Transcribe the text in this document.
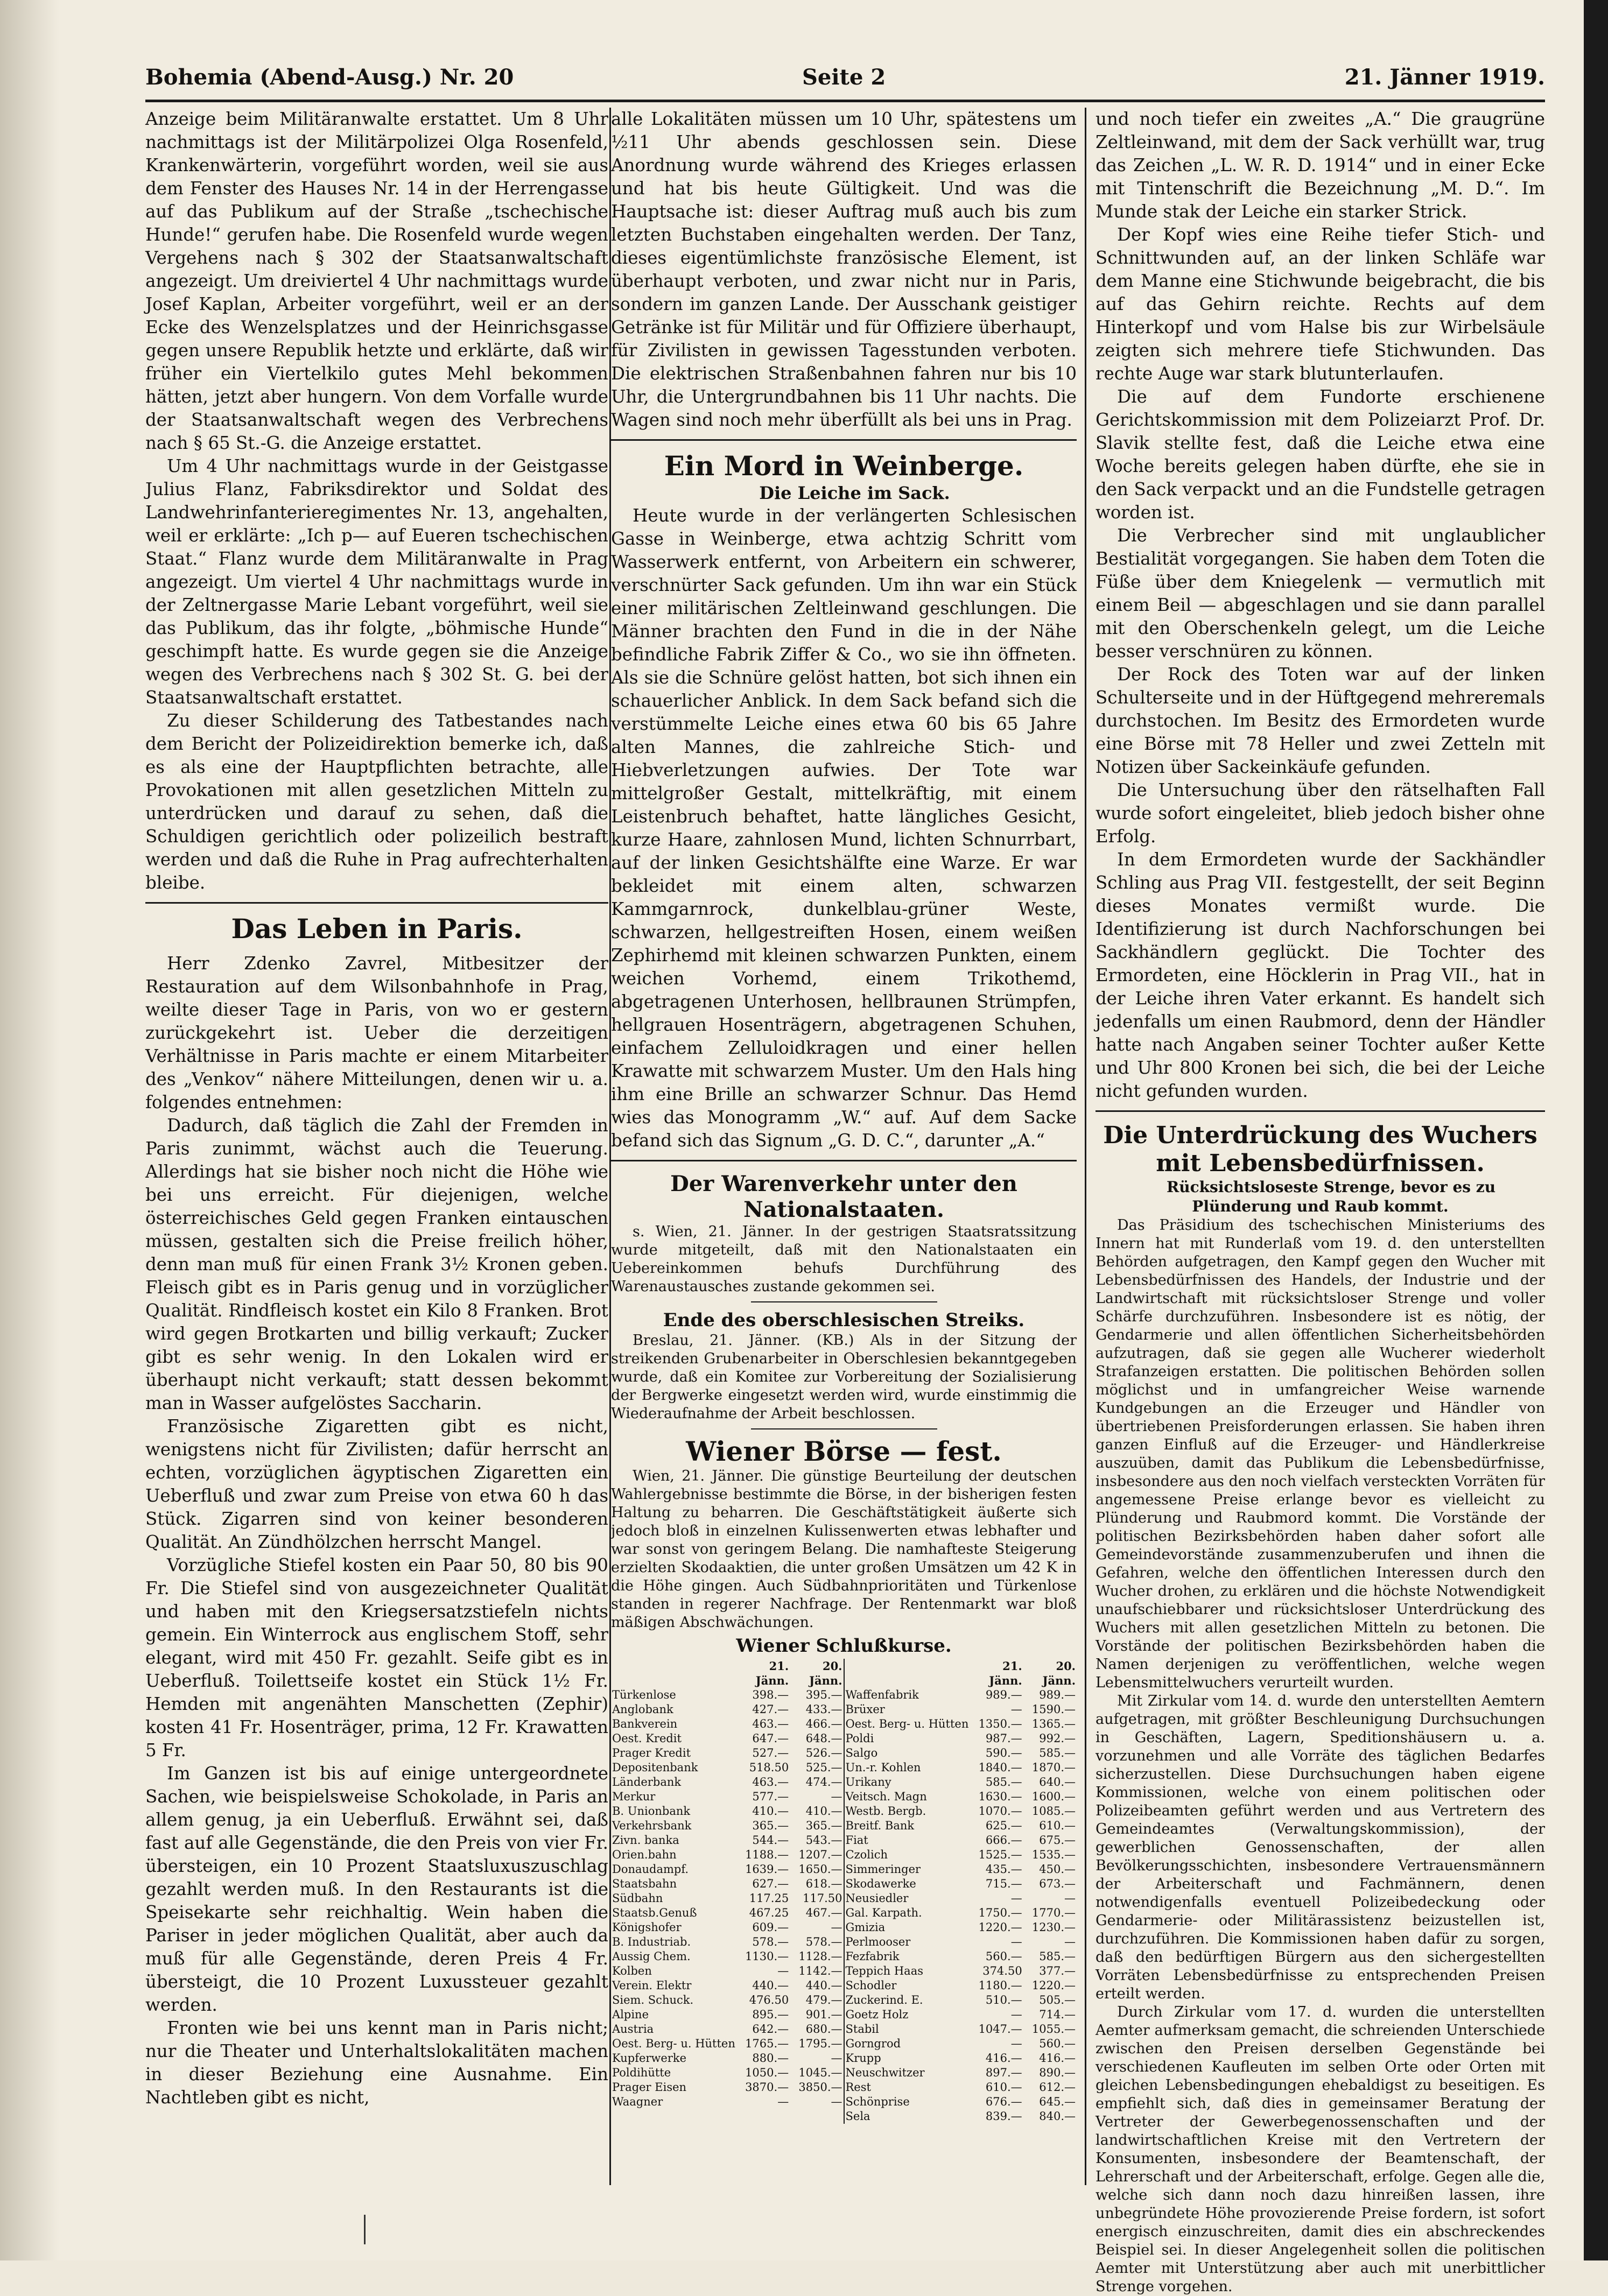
Bohemia (Abend-Ausg.) Nr. 20	Seite 2	21. Jänner 1919.

Anzeige beim Militäranwalte erstattet. Um 8 Uhr nachmittags ist der Militärpolizei Olga Rosenfeld, Krankenwärterin, vorgeführt worden, weil sie aus dem Fenster des Hauses Nr. 14 in der Herrengasse auf das Publikum auf der Straße „tschechische Hunde!“ gerufen habe. Die Rosenfeld wurde wegen Vergehens nach § 302 der Staatsanwaltschaft angezeigt. Um dreiviertel 4 Uhr nachmittags wurde Josef Kaplan, Arbeiter vorgeführt, weil er an der Ecke des Wenzelsplatzes und der Heinrichsgasse gegen unsere Republik hetzte und erklärte, daß wir früher ein Viertelkilo gutes Mehl bekommen hätten, jetzt aber hungern. Von dem Vorfalle wurde der Staatsanwaltschaft wegen des Verbrechens nach § 65 St.-G. die Anzeige erstattet.

Um 4 Uhr nachmittags wurde in der Geistgasse Julius Flanz, Fabriksdirektor und Soldat des Landwehrinfanterieregimentes Nr. 13, angehalten, weil er erklärte: „Ich p— auf Eueren tschechischen Staat.“ Flanz wurde dem Militäranwalte in Prag angezeigt. Um viertel 4 Uhr nachmittags wurde in der Zeltnergasse Marie Lebant vorgeführt, weil sie das Publikum, das ihr folgte, „böhmische Hunde“ geschimpft hatte. Es wurde gegen sie die Anzeige wegen des Verbrechens nach § 302 St. G. bei der Staatsanwaltschaft erstattet.

Zu dieser Schilderung des Tatbestandes nach dem Bericht der Polizeidirektion bemerke ich, daß es als eine der Hauptpflichten betrachte, alle Provokationen mit allen gesetzlichen Mitteln zu unterdrücken und darauf zu sehen, daß die Schuldigen gerichtlich oder polizeilich bestraft werden und daß die Ruhe in Prag aufrechterhalten bleibe.

Das Leben in Paris.

Herr Zdenko Zavrel, Mitbesitzer der Restauration auf dem Wilsonbahnhofe in Prag, weilte dieser Tage in Paris, von wo er gestern zurückgekehrt ist. Ueber die derzeitigen Verhältnisse in Paris machte er einem Mitarbeiter des „Venkov“ nähere Mitteilungen, denen wir u. a. folgendes entnehmen:

Dadurch, daß täglich die Zahl der Fremden in Paris zunimmt, wächst auch die Teuerung. Allerdings hat sie bisher noch nicht die Höhe wie bei uns erreicht. Für diejenigen, welche österreichisches Geld gegen Franken eintauschen müssen, gestalten sich die Preise freilich höher, denn man muß für einen Frank 3½ Kronen geben. Fleisch gibt es in Paris genug und in vorzüglicher Qualität. Rindfleisch kostet ein Kilo 8 Franken. Brot wird gegen Brotkarten und billig verkauft; Zucker gibt es sehr wenig. In den Lokalen wird er überhaupt nicht verkauft; statt dessen bekommt man in Wasser aufgelöstes Saccharin.

Französische Zigaretten gibt es nicht, wenigstens nicht für Zivilisten; dafür herrscht an echten, vorzüglichen ägyptischen Zigaretten ein Ueberfluß und zwar zum Preise von etwa 60 h das Stück. Zigarren sind von keiner besonderen Qualität. An Zündhölzchen herrscht Mangel.

Vorzügliche Stiefel kosten ein Paar 50, 80 bis 90 Fr. Die Stiefel sind von ausgezeichneter Qualität und haben mit den Kriegsersatzstiefeln nichts gemein. Ein Winterrock aus englischem Stoff, sehr elegant, wird mit 450 Fr. gezahlt. Seife gibt es in Ueberfluß. Toilettseife kostet ein Stück 1½ Fr. Hemden mit angenähten Manschetten (Zephir) kosten 41 Fr. Hosenträger, prima, 12 Fr. Krawatten 5 Fr.

Im Ganzen ist bis auf einige untergeordnete Sachen, wie beispielsweise Schokolade, in Paris an allem genug, ja ein Ueberfluß. Erwähnt sei, daß fast auf alle Gegenstände, die den Preis von vier Fr. übersteigen, ein 10 Prozent Staatsluxuszuschlag gezahlt werden muß. In den Restaurants ist die Speisekarte sehr reichhaltig. Wein haben die Pariser in jeder möglichen Qualität, aber auch da muß für alle Gegenstände, deren Preis 4 Fr. übersteigt, die 10 Prozent Luxussteuer gezahlt werden.

Fronten wie bei uns kennt man in Paris nicht; nur die Theater und Unterhaltslokalitäten machen in dieser Beziehung eine Ausnahme. Ein Nachtleben gibt es nicht,

alle Lokalitäten müssen um 10 Uhr, spätestens um ½11 Uhr abends geschlossen sein. Diese Anordnung wurde während des Krieges erlassen und hat bis heute Gültigkeit. Und was die Hauptsache ist: dieser Auftrag muß auch bis zum letzten Buchstaben eingehalten werden. Der Tanz, dieses eigentümlichste französische Element, ist überhaupt verboten, und zwar nicht nur in Paris, sondern im ganzen Lande. Der Ausschank geistiger Getränke ist für Militär und für Offiziere überhaupt, für Zivilisten in gewissen Tagesstunden verboten. Die elektrischen Straßenbahnen fahren nur bis 10 Uhr, die Untergrundbahnen bis 11 Uhr nachts. Die Wagen sind noch mehr überfüllt als bei uns in Prag.

Ein Mord in Weinberge.

Die Leiche im Sack.

Heute wurde in der verlängerten Schlesischen Gasse in Weinberge, etwa achtzig Schritt vom Wasserwerk entfernt, von Arbeitern ein schwerer, verschnürter Sack gefunden. Um ihn war ein Stück einer militärischen Zeltleinwand geschlungen. Die Männer brachten den Fund in die in der Nähe befindliche Fabrik Ziffer & Co., wo sie ihn öffneten. Als sie die Schnüre gelöst hatten, bot sich ihnen ein schauerlicher Anblick. In dem Sack befand sich die verstümmelte Leiche eines etwa 60 bis 65 Jahre alten Mannes, die zahlreiche Stich- und Hiebverletzungen aufwies. Der Tote war mittelgroßer Gestalt, mittelkräftig, mit einem Leistenbruch behaftet, hatte längliches Gesicht, kurze Haare, zahnlosen Mund, lichten Schnurrbart, auf der linken Gesichtshälfte eine Warze. Er war bekleidet mit einem alten, schwarzen Kammgarnrock, dunkelblau-grüner Weste, schwarzen, hellgestreiften Hosen, einem weißen Zephirhemd mit kleinen schwarzen Punkten, einem weichen Vorhemd, einem Trikothemd, abgetragenen Unterhosen, hellbraunen Strümpfen, hellgrauen Hosenträgern, abgetragenen Schuhen, einfachem Zelluloidkragen und einer hellen Krawatte mit schwarzem Muster. Um den Hals hing ihm eine Brille an schwarzer Schnur. Das Hemd wies das Monogramm „W.“ auf. Auf dem Sacke befand sich das Signum „G. D. C.“, darunter „A.“

Der Warenverkehr unter den Nationalstaaten.

s. Wien, 21. Jänner. In der gestrigen Staatsratssitzung wurde mitgeteilt, daß mit den Nationalstaaten ein Uebereinkommen behufs Durchführung des Warenaustausches zustande gekommen sei.

Ende des oberschlesischen Streiks.

Breslau, 21. Jänner. (KB.) Als in der Sitzung der streikenden Grubenarbeiter in Oberschlesien bekanntgegeben wurde, daß ein Komitee zur Vorbereitung der Sozialisierung der Bergwerke eingesetzt werden wird, wurde einstimmig die Wiederaufnahme der Arbeit beschlossen.

Wiener Börse — fest.

Wien, 21. Jänner. Die günstige Beurteilung der deutschen Wahlergebnisse bestimmte die Börse, in der bisherigen festen Haltung zu beharren. Die Geschäftstätigkeit äußerte sich jedoch bloß in einzelnen Kulissenwerten etwas lebhafter und war sonst von geringem Belang. Die namhafteste Steigerung erzielten Skodaaktien, die unter großen Umsätzen um 42 K in die Höhe gingen. Auch Südbahnprioritäten und Türkenlose standen in regerer Nachfrage. Der Rentenmarkt war bloß mäßigen Abschwächungen.

Wiener Schlußkurse.
	21. Jänn.	20. Jänn.		21. Jänn.	20. Jänn.
Türkenlose	398.—	395.—	Waffenfabrik	989.—	989.—
Anglobank	427.—	433.—	Brüxer	—	1590.—
Bankverein	463.—	466.—	Oest. Berg- u. Hütten	1350.—	1365.—
Oest. Kredit	647.—	648.—	Poldi	987.—	992.—
Prager Kredit	527.—	526.—	Salgo	590.—	585.—
Depositenbank	518.50	525.—	Un.-r. Kohlen	1840.—	1870.—
Länderbank	463.—	474.—	Urikany	585.—	640.—
Merkur	577.—	—	Veitsch. Magn	1630.—	1600.—
B. Unionbank	410.—	410.—	Westb. Bergb.	1070.—	1085.—
Verkehrsbank	365.—	365.—	Breitf. Bank	625.—	610.—
Zivn. banka	544.—	543.—	Fiat	666.—	675.—
Orien.bahn	1188.—	1207.—	Czolich	1525.—	1535.—
Donaudampf.	1639.—	1650.—	Simmeringer	435.—	450.—
Staatsbahn	627.—	618.—	Skodawerke	715.—	673.—
Südbahn	117.25	117.50	Neusiedler	—	—
Staatsb.Genuß	467.25	467.—	Gal. Karpath.	1750.—	1770.—
Königshofer	609.—	—	Gmizia	1220.—	1230.—
B. Industriab.	578.—	578.—	Perlmooser	—	—
Aussig Chem.	1130.—	1128.—	Fezfabrik	560.—	585.—
Kolben	—	1142.—	Teppich Haas	374.50	377.—
Verein. Elektr	440.—	440.—	Schodler	1180.—	1220.—
Siem. Schuck.	476.50	479.—	Zuckerind. E.	510.—	505.—
Alpine	895.—	901.—	Goetz Holz	—	714.—
Austria	642.—	680.—	Stabil	1047.—	1055.—
Oest. Berg- u. Hütten	1765.—	1795.—	Gorngrod	—	560.—
Kupferwerke	880.—	—	Krupp	416.—	416.—
Poldihütte	1050.—	1045.—	Neuschwitzer	897.—	890.—
Prager Eisen	3870.—	3850.—	Rest	610.—	612.—
Waagner	—	—	Schönprise	676.—	645.—
			Sela	839.—	840.—

und noch tiefer ein zweites „A.“ Die graugrüne Zeltleinwand, mit dem der Sack verhüllt war, trug das Zeichen „L. W. R. D. 1914“ und in einer Ecke mit Tintenschrift die Bezeichnung „M. D.“. Im Munde stak der Leiche ein starker Strick.

Der Kopf wies eine Reihe tiefer Stich- und Schnittwunden auf, an der linken Schläfe war dem Manne eine Stichwunde beigebracht, die bis auf das Gehirn reichte. Rechts auf dem Hinterkopf und vom Halse bis zur Wirbelsäule zeigten sich mehrere tiefe Stichwunden. Das rechte Auge war stark blutunterlaufen.

Die auf dem Fundorte erschienene Gerichtskommission mit dem Polizeiarzt Prof. Dr. Slavik stellte fest, daß die Leiche etwa eine Woche bereits gelegen haben dürfte, ehe sie in den Sack verpackt und an die Fundstelle getragen worden ist.

Die Verbrecher sind mit unglaublicher Bestialität vorgegangen. Sie haben dem Toten die Füße über dem Kniegelenk — vermutlich mit einem Beil — abgeschlagen und sie dann parallel mit den Oberschenkeln gelegt, um die Leiche besser verschnüren zu können.

Der Rock des Toten war auf der linken Schulterseite und in der Hüftgegend mehreremals durchstochen. Im Besitz des Ermordeten wurde eine Börse mit 78 Heller und zwei Zetteln mit Notizen über Sackeinkäufe gefunden.

Die Untersuchung über den rätselhaften Fall wurde sofort eingeleitet, blieb jedoch bisher ohne Erfolg.

In dem Ermordeten wurde der Sackhändler Schling aus Prag VII. festgestellt, der seit Beginn dieses Monates vermißt wurde. Die Identifizierung ist durch Nachforschungen bei Sackhändlern geglückt. Die Tochter des Ermordeten, eine Höcklerin in Prag VII., hat in der Leiche ihren Vater erkannt. Es handelt sich jedenfalls um einen Raubmord, denn der Händler hatte nach Angaben seiner Tochter außer Kette und Uhr 800 Kronen bei sich, die bei der Leiche nicht gefunden wurden.

Die Unterdrückung des Wuchers mit Lebensbedürfnissen.

Rücksichtsloseste Strenge, bevor es zu Plünderung und Raub kommt.

Das Präsidium des tschechischen Ministeriums des Innern hat mit Runderlaß vom 19. d. den unterstellten Behörden aufgetragen, den Kampf gegen den Wucher mit Lebensbedürfnissen des Handels, der Industrie und der Landwirtschaft mit rücksichtsloser Strenge und voller Schärfe durchzuführen. Insbesondere ist es nötig, der Gendarmerie und allen öffentlichen Sicherheitsbehörden aufzutragen, daß sie gegen alle Wucherer wiederholt Strafanzeigen erstatten. Die politischen Behörden sollen möglichst und in umfangreicher Weise warnende Kundgebungen an die Erzeuger und Händler von übertriebenen Preisforderungen erlassen. Sie haben ihren ganzen Einfluß auf die Erzeuger- und Händlerkreise auszuüben, damit das Publikum die Lebensbedürfnisse, insbesondere aus den noch vielfach versteckten Vorräten für angemessene Preise erlange bevor es vielleicht zu Plünderung und Raubmord kommt. Die Vorstände der politischen Bezirksbehörden haben daher sofort alle Gemeindevorstände zusammenzuberufen und ihnen die Gefahren, welche den öffentlichen Interessen durch den Wucher drohen, zu erklären und die höchste Notwendigkeit unaufschiebbarer und rücksichtsloser Unterdrückung des Wuchers mit allen gesetzlichen Mitteln zu betonen. Die Vorstände der politischen Bezirksbehörden haben die Namen derjenigen zu veröffentlichen, welche wegen Lebensmittelwuchers verurteilt wurden.

Mit Zirkular vom 14. d. wurde den unterstellten Aemtern aufgetragen, mit größter Beschleunigung Durchsuchungen in Geschäften, Lagern, Speditionshäusern u. a. vorzunehmen und alle Vorräte des täglichen Bedarfes sicherzustellen. Diese Durchsuchungen haben eigene Kommissionen, welche von einem politischen oder Polizeibeamten geführt werden und aus Vertretern des Gemeindeamtes (Verwaltungskommission), der gewerblichen Genossenschaften, der allen Bevölkerungsschichten, insbesondere Vertrauensmännern der Arbeiterschaft und Fachmännern, denen notwendigenfalls eventuell Polizeibedeckung oder Gendarmerie- oder Militärassistenz beizustellen ist, durchzuführen. Die Kommissionen haben dafür zu sorgen, daß den bedürftigen Bürgern aus den sichergestellten Vorräten Lebensbedürfnisse zu entsprechenden Preisen erteilt werden.

Durch Zirkular vom 17. d. wurden die unterstellten Aemter aufmerksam gemacht, die schreienden Unterschiede zwischen den Preisen derselben Gegenstände bei verschiedenen Kaufleuten im selben Orte oder Orten mit gleichen Lebensbedingungen ehebaldigst zu beseitigen. Es empfiehlt sich, daß dies in gemeinsamer Beratung der Vertreter der Gewerbegenossenschaften und der landwirtschaftlichen Kreise mit den Vertretern der Konsumenten, insbesondere der Beamtenschaft, der Lehrerschaft und der Arbeiterschaft, erfolge. Gegen alle die, welche sich dann noch dazu hinreißen lassen, ihre unbegründete Höhe provozierende Preise fordern, ist sofort energisch einzuschreiten, damit dies ein abschreckendes Beispiel sei. In dieser Angelegenheit sollen die politischen Aemter mit Unterstützung aber auch mit unerbittlicher Strenge vorgehen.
